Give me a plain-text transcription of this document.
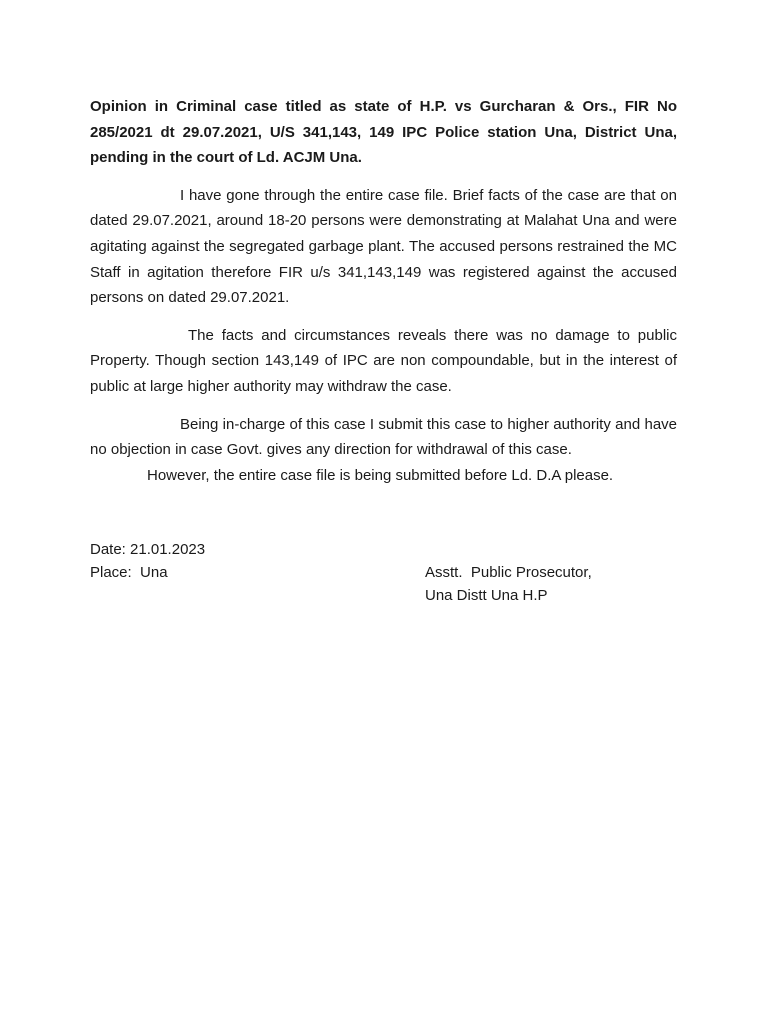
Opinion in Criminal case titled as state of H.P. vs Gurcharan & Ors., FIR No 285/2021 dt 29.07.2021, U/S 341,143, 149 IPC Police station Una, District Una, pending in the court of Ld. ACJM Una.

I have gone through the entire case file. Brief facts of the case are that on dated 29.07.2021, around 18-20 persons were demonstrating at Malahat Una and were agitating against the segregated garbage plant. The accused persons restrained the MC Staff in agitation therefore FIR u/s 341,143,149 was registered against the accused persons on dated 29.07.2021.

The facts and circumstances reveals there was no damage to public Property. Though section 143,149 of IPC are non compoundable, but in the interest of public at large higher authority may withdraw the case.

Being in-charge of this case I submit this case to higher authority and have no objection in case Govt. gives any direction for withdrawal of this case.

However, the entire case file is being submitted before Ld. D.A please.

Date: 21.01.2023
Place:  Una	Asstt.  Public Prosecutor,
Una Distt Una H.P
